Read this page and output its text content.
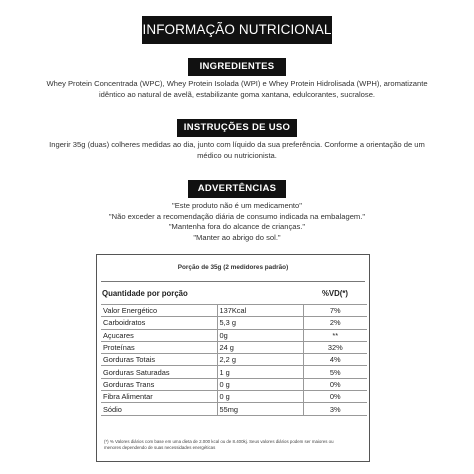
INFORMAÇÃO NUTRICIONAL
INGREDIENTES
Whey Protein Concentrada (WPC), Whey Protein Isolada (WPI) e Whey Protein Hidrolisada (WPH), aromatizante
idêntico ao natural de avelã, estabilizante goma xantana, edulcorantes, sucralose.
INSTRUÇÕES DE USO
Ingerir 35g (duas) colheres medidas ao dia, junto com líquido da sua preferência. Conforme a orientação de um
médico ou nutricionista.
ADVERTÊNCIAS
"Este produto não é um medicamento"
"Não exceder a recomendação diária de consumo indicada na embalagem."
"Mantenha fora do alcance de crianças."
"Manter ao abrigo do sol."
Porção de 35g (2 medidores padrão)
Quantidade por porção	%VD(*)
Valor Energético	137Kcal	7%
Carboidratos	5,3 g	2%
Açucares	0g	**
Proteínas	24 g	32%
Gorduras Totais	2,2 g	4%
Gorduras Saturadas	1 g	5%
Gorduras Trans	0 g	0%
Fibra Alimentar	0 g	0%
Sódio	55mg	3%
(*) % Valores diários com base em uma dieta de 2.000 kcal ou de 8.400kj. Seus valores diários podem ser maiores ou
menores dependendo de suas necessidades energéticas
